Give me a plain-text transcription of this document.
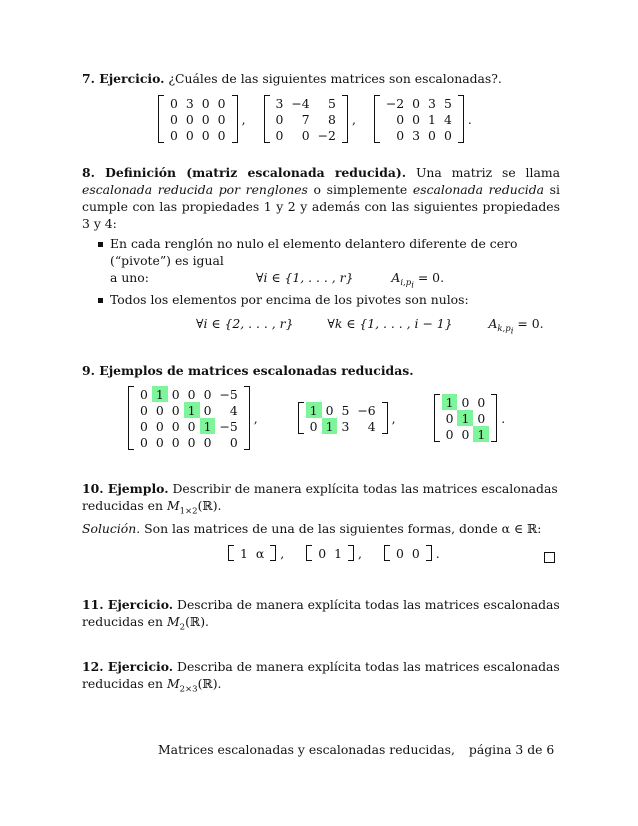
7. Ejercicio. ¿Cuáles de las siguientes matrices son escalonadas?.
0	3	0	0
0	0	0	0
0	0	0	0
,
3	−4	5
0	7	8
0	0	−2
,
−2	0	3	5
0	0	1	4
0	3	0	0
.
8. Definición (matriz escalonada reducida). Una matriz se llama escalonada reducida por renglones o simplemente escalonada reducida si cumple con las propiedades 1 y 2 y además con las siguientes propiedades 3 y 4:
En cada renglón no nulo el elemento delantero diferente de cero (“pivote”) es igual
a uno:	∀i ∈ {1, . . . , r}	$A_{i,p_i} = 0$.
Todos los elementos por encima de los pivotes son nulos:
∀i ∈ {2, . . . , r}	∀k ∈ {1, . . . , i − 1}	$A_{k,p_i} = 0$.
9. Ejemplos de matrices escalonadas reducidas.
0	1	0	0	0	−5
0	0	0	1	0	4
0	0	0	0	1	−5
0	0	0	0	0	0
,
1	0	5	−6
0	1	3	4
,
1	0	0
0	1	0
0	0	1
.
10. Ejemplo. Describir de manera explícita todas las matrices escalonadas reducidas en $M_{1\times 2}(ℝ)$.
Solución. Son las matrices de una de las siguientes formas, donde α ∈ ℝ:
1	α ,	0	1 ,	0	0 .
11. Ejercicio. Describa de manera explícita todas las matrices escalonadas reducidas en $M_2(ℝ)$.
12. Ejercicio. Describa de manera explícita todas las matrices escalonadas reducidas en $M_{2\times 3}(ℝ)$.
Matrices escalonadas y escalonadas reducidas, página 3 de 6
